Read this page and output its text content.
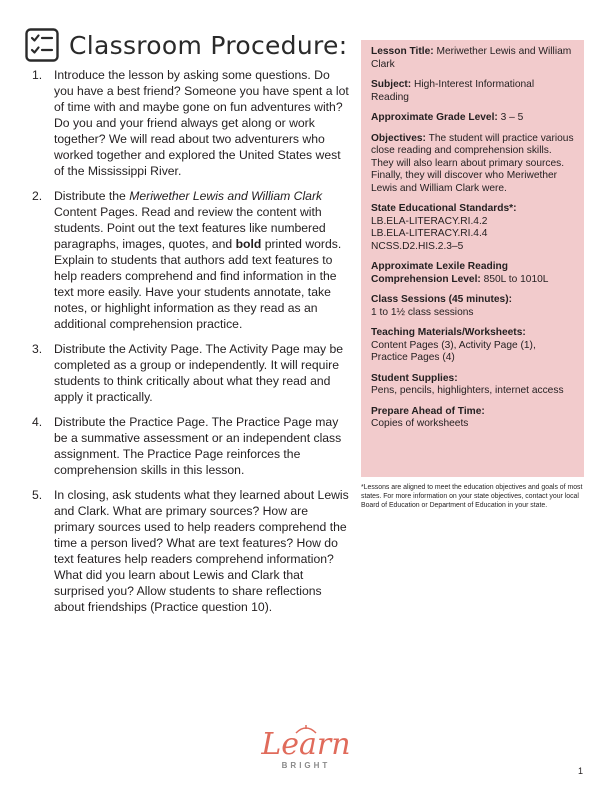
Classroom Procedure:
1. Introduce the lesson by asking some questions. Do you have a best friend? Someone you have spent a lot of time with and maybe gone on fun adventures with? Do you and your friend always get along or work together? We will read about two adventurers who worked together and explored the United States west of the Mississippi River.
2. Distribute the Meriwether Lewis and William Clark Content Pages. Read and review the content with students. Point out the text features like numbered paragraphs, images, quotes, and bold printed words. Explain to students that authors add text features to help readers comprehend and find information in the text more easily. Have your students annotate, take notes, or highlight information as they read as an additional comprehension practice.
3. Distribute the Activity Page. The Activity Page may be completed as a group or independently. It will require students to think critically about what they read and apply it practically.
4. Distribute the Practice Page. The Practice Page may be a summative assessment or an independent class assignment. The Practice Page reinforces the comprehension skills in this lesson.
5. In closing, ask students what they learned about Lewis and Clark. What are primary sources? How are primary sources used to help readers comprehend the time a person lived? What are text features? How do text features help readers comprehend information? What did you learn about Lewis and Clark that surprised you? Allow students to share reflections about friendships (Practice question 10).
Lesson Title: Meriwether Lewis and William Clark
Subject: High-Interest Informational Reading
Approximate Grade Level: 3 – 5
Objectives: The student will practice various close reading and comprehension skills. They will also learn about primary sources. Finally, they will discover who Meriwether Lewis and William Clark were.
State Educational Standards*:
LB.ELA-LITERACY.RI.4.2
LB.ELA-LITERACY.RI.4.4
NCSS.D2.HIS.2.3–5
Approximate Lexile Reading Comprehension Level: 850L to 1010L
Class Sessions (45 minutes):
1 to 1½ class sessions
Teaching Materials/Worksheets:
Content Pages (3), Activity Page (1), Practice Pages (4)
Student Supplies:
Pens, pencils, highlighters, internet access
Prepare Ahead of Time:
Copies of worksheets
*Lessons are aligned to meet the education objectives and goals of most states. For more information on your state objectives, contact your local Board of Education or Department of Education in your state.
Learn
BRIGHT
1
